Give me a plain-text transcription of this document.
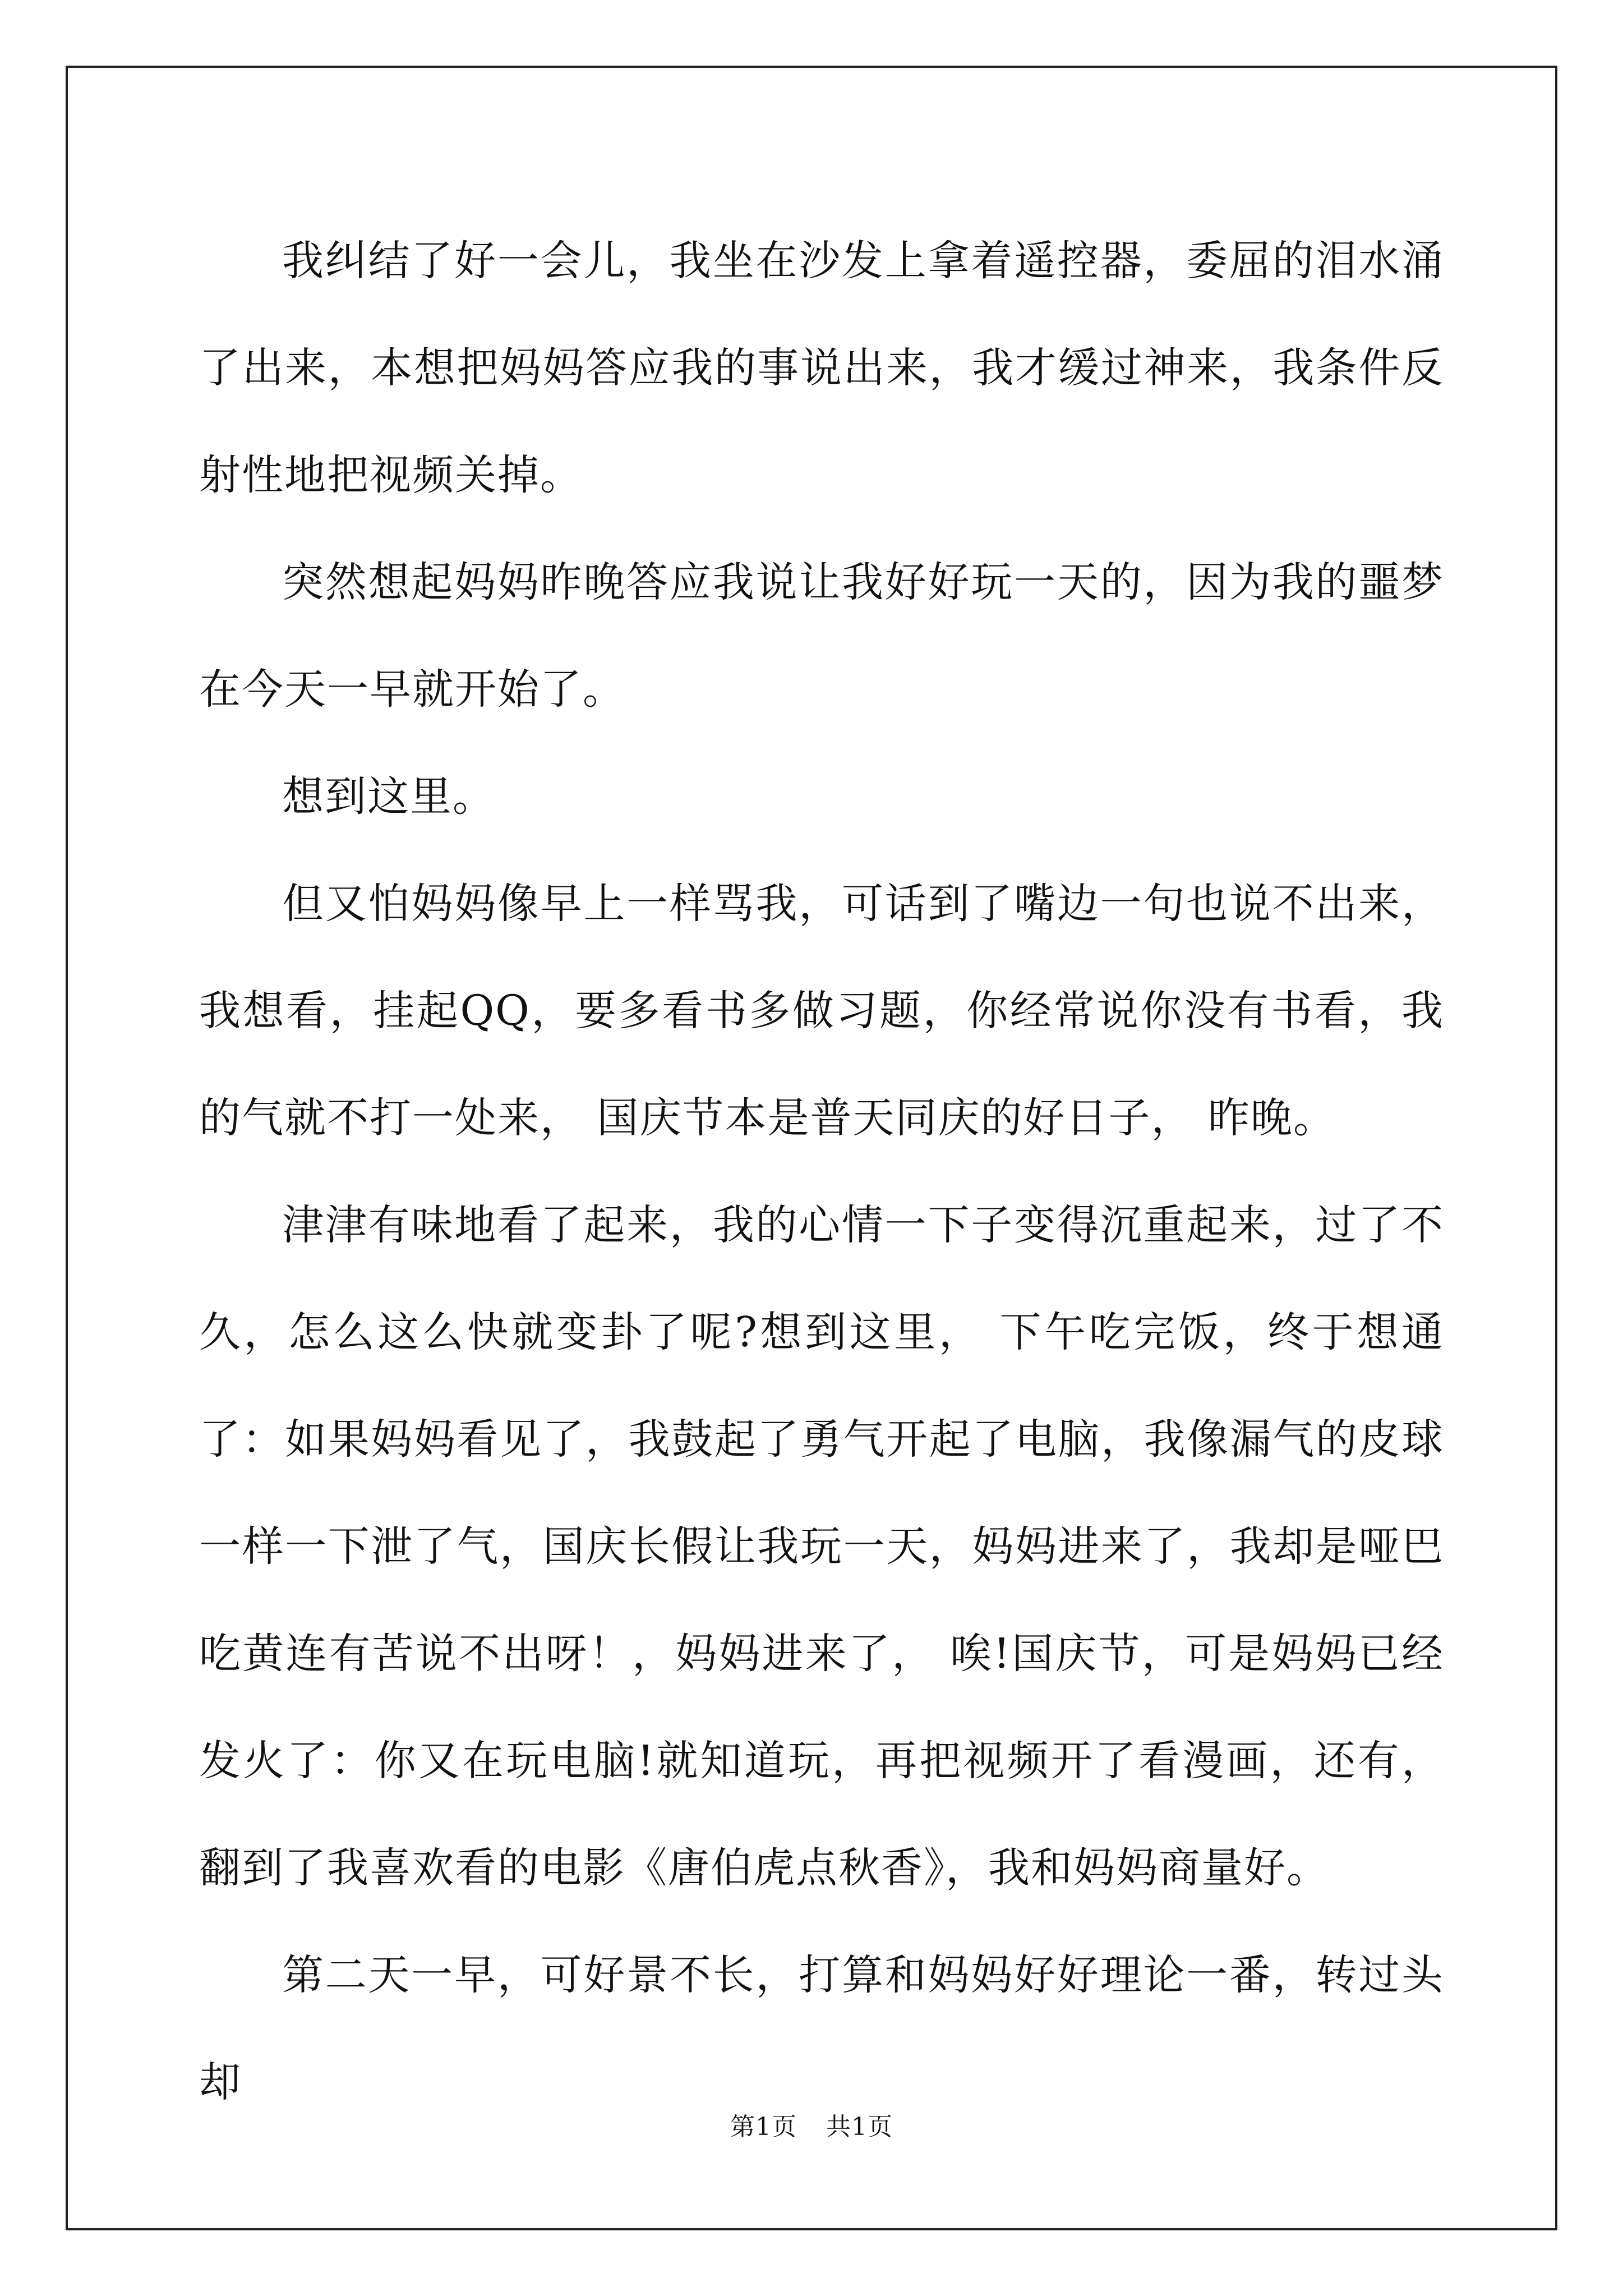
我纠结了好一会儿，我坐在沙发上拿着遥控器，委屈的泪水涌了出来，本想把妈妈答应我的事说出来，我才缓过神来，我条件反射性地把视频关掉。

突然想起妈妈昨晚答应我说让我好好玩一天的，因为我的噩梦在今天一早就开始了。

想到这里。

但又怕妈妈像早上一样骂我，可话到了嘴边一句也说不出来，我想看，挂起QQ，要多看书多做习题，你经常说你没有书看，我的气就不打一处来， 国庆节本是普天同庆的好日子， 昨晚。

津津有味地看了起来，我的心情一下子变得沉重起来，过了不久，怎么这么快就变卦了呢?想到这里， 下午吃完饭，终于想通了：如果妈妈看见了，我鼓起了勇气开起了电脑，我像漏气的皮球一样一下泄了气，国庆长假让我玩一天，妈妈进来了，我却是哑巴吃黄连有苦说不出呀！，妈妈进来了， 唉!国庆节，可是妈妈已经发火了：你又在玩电脑!就知道玩，再把视频开了看漫画，还有，翻到了我喜欢看的电影《唐伯虎点秋香》，我和妈妈商量好。

第二天一早，可好景不长，打算和妈妈好好理论一番，转过头却

第1页 共1页
